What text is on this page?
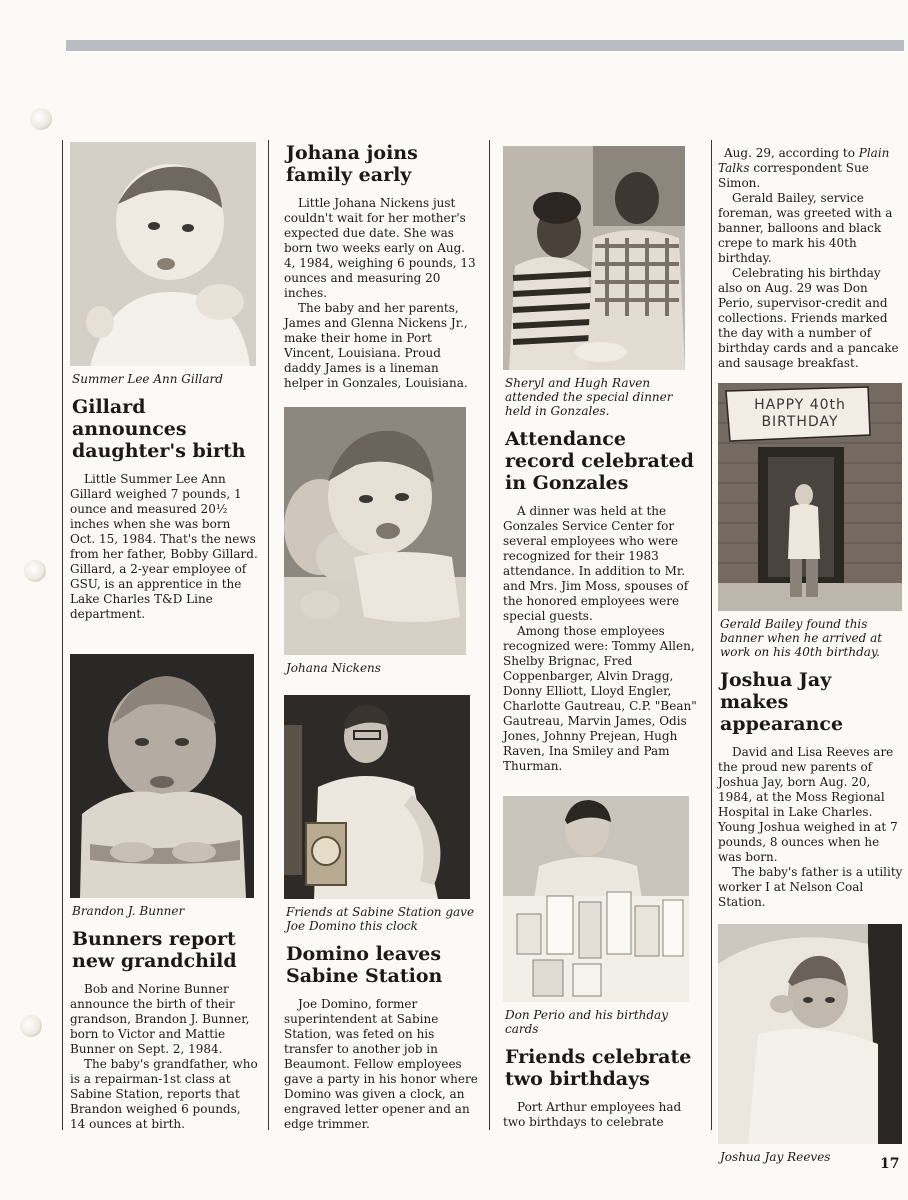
Summer Lee Ann Gillard
Gillard announces daughter's birth

Little Summer Lee Ann Gillard weighed 7 pounds, 1 ounce and measured 20½ inches when she was born Oct. 15, 1984. That's the news from her father, Bobby Gillard. Gillard, a 2-year employee of GSU, is an apprentice in the Lake Charles T&D Line department.

Brandon J. Bunner
Bunners report new grandchild

Bob and Norine Bunner announce the birth of their grandson, Brandon J. Bunner, born to Victor and Mattie Bunner on Sept. 2, 1984.

The baby's grandfather, who is a repairman-1st class at Sabine Station, reports that Brandon weighed 6 pounds, 14 ounces at birth.

Johana joins family early

Little Johana Nickens just couldn't wait for her mother's expected due date. She was born two weeks early on Aug. 4, 1984, weighing 6 pounds, 13 ounces and measuring 20 inches.

The baby and her parents, James and Glenna Nickens Jr., make their home in Port Vincent, Louisiana. Proud daddy James is a lineman helper in Gonzales, Louisiana.

Johana Nickens
Friends at Sabine Station gave Joe Domino this clock
Domino leaves Sabine Station

Joe Domino, former superintendent at Sabine Station, was feted on his transfer to another job in Beaumont. Fellow employees gave a party in his honor where Domino was given a clock, an engraved letter opener and an edge trimmer.

Sheryl and Hugh Raven attended the special dinner held in Gonzales.
Attendance record celebrated in Gonzales

A dinner was held at the Gonzales Service Center for several employees who were recognized for their 1983 attendance. In addition to Mr. and Mrs. Jim Moss, spouses of the honored employees were special guests.

Among those employees recognized were: Tommy Allen, Shelby Brignac, Fred Coppenbarger, Alvin Dragg, Donny Elliott, Lloyd Engler, Charlotte Gautreau, C.P. "Bean" Gautreau, Marvin James, Odis Jones, Johnny Prejean, Hugh Raven, Ina Smiley and Pam Thurman.

Don Perio and his birthday cards
Friends celebrate two birthdays

Port Arthur employees had two birthdays to celebrate

Aug. 29, according to Plain Talks correspondent Sue Simon.

Gerald Bailey, service foreman, was greeted with a banner, balloons and black crepe to mark his 40th birthday.

Celebrating his birthday also on Aug. 29 was Don Perio, supervisor-credit and collections. Friends marked the day with a number of birthday cards and a pancake and sausage breakfast.

HAPPY 40th
BIRTHDAY
Gerald Bailey found this banner when he arrived at work on his 40th birthday.
Joshua Jay makes appearance

David and Lisa Reeves are the proud new parents of Joshua Jay, born Aug. 20, 1984, at the Moss Regional Hospital in Lake Charles. Young Joshua weighed in at 7 pounds, 8 ounces when he was born.

The baby's father is a utility worker I at Nelson Coal Station.

Joshua Jay Reeves	17
